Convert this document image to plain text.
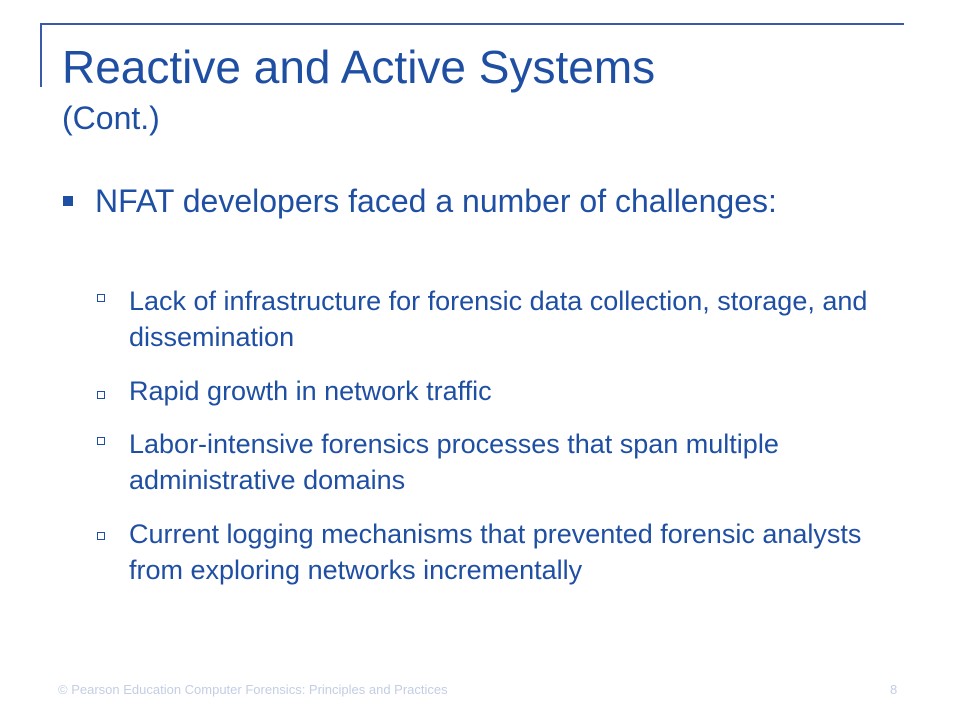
Reactive and Active Systems
(Cont.)
NFAT developers faced a number of challenges:
Lack of infrastructure for forensic data collection, storage, and dissemination
Rapid growth in network traffic
Labor-intensive forensics processes that span multiple administrative domains
Current logging mechanisms that prevented forensic analysts from exploring networks incrementally
© Pearson Education Computer Forensics: Principles and Practices	8
